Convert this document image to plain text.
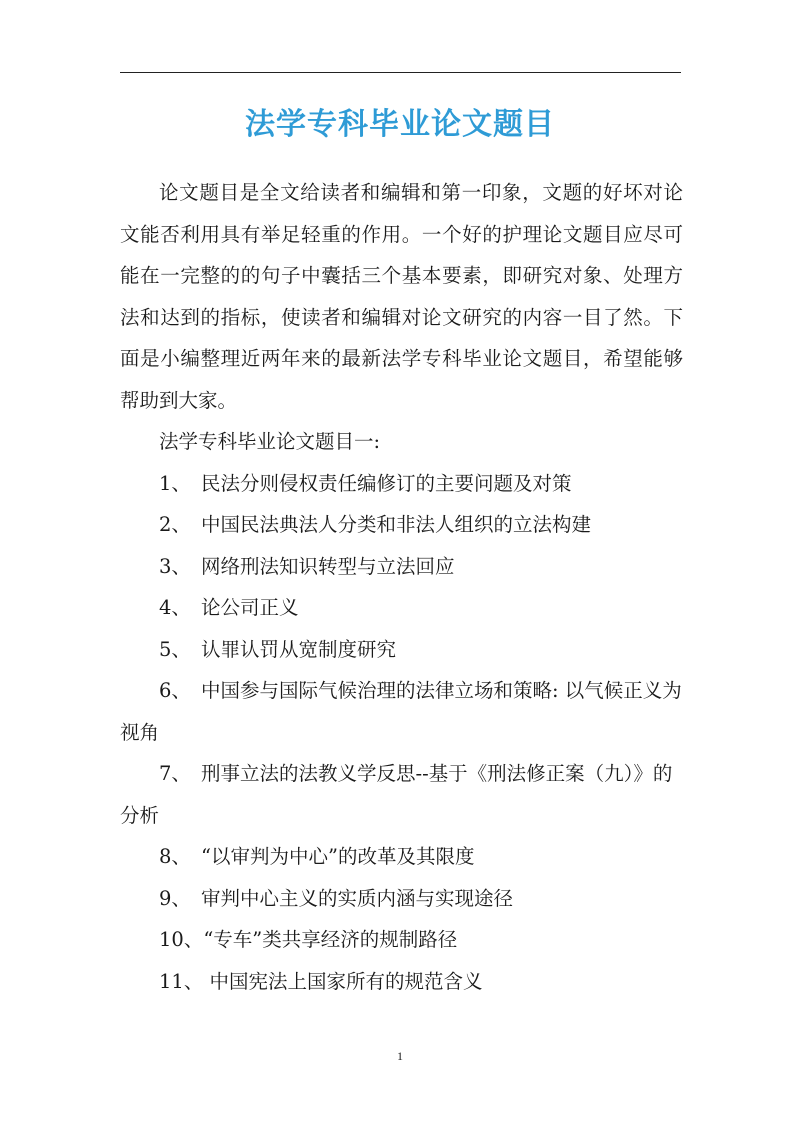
法学专科毕业论文题目

论文题目是全文给读者和编辑和第一印象，文题的好坏对论文能否利用具有举足轻重的作用。一个好的护理论文题目应尽可能在一完整的的句子中囊括三个基本要素，即研究对象、处理方法和达到的指标，使读者和编辑对论文研究的内容一目了然。下面是小编整理近两年来的最新法学专科毕业论文题目，希望能够帮助到大家。

法学专科毕业论文题目一:

1、 民法分则侵权责任编修订的主要问题及对策
2、 中国民法典法人分类和非法人组织的立法构建
3、 网络刑法知识转型与立法回应
4、 论公司正义
5、 认罪认罚从宽制度研究
6、 中国参与国际气候治理的法律立场和策略: 以气候正义为视角
7、 刑事立法的法教义学反思--基于《刑法修正案（九）》的分析
8、 “以审判为中心”的改革及其限度
9、 审判中心主义的实质内涵与实现途径
10、“专车”类共享经济的规制路径
11、 中国宪法上国家所有的规范含义
1
